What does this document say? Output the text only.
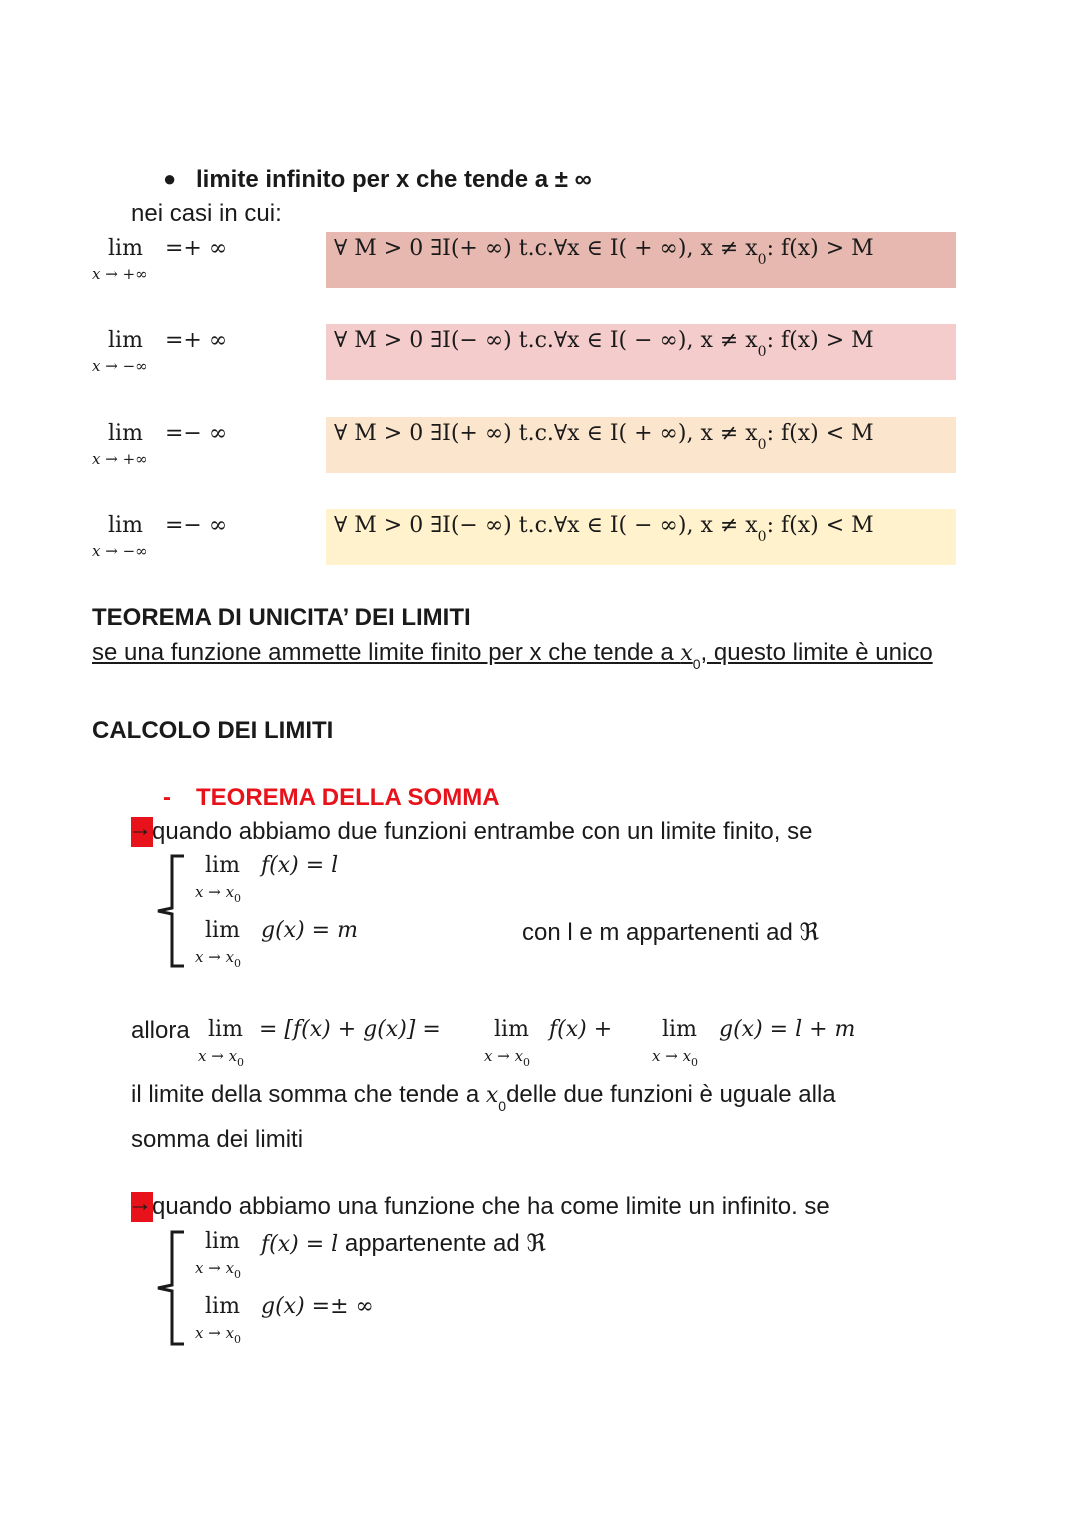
● limite infinito per x che tende a ± ∞
nei casi in cui:
lim
x → +∞
=+ ∞	∀ M > 0 ∃I(+ ∞) t.c.∀x ∈ I( + ∞), $x \ne x_0$: f(x) > M
lim
x → −∞
=+ ∞	∀ M > 0 ∃I(− ∞) t.c.∀x ∈ I( − ∞), $x \ne x_0$: f(x) > M
lim
x → +∞
=− ∞	∀ M > 0 ∃I(+ ∞) t.c.∀x ∈ I( + ∞), $x \ne x_0$: f(x) < M
lim
x → −∞
=− ∞	∀ M > 0 ∃I(− ∞) t.c.∀x ∈ I( − ∞), $x \ne x_0$: f(x) < M
TEOREMA DI UNICITA’ DEI LIMITI
se una funzione ammette limite finito per x che tende a $x_0$, questo limite è unico
CALCOLO DEI LIMITI
- TEOREMA DELLA SOMMA
→ quando abbiamo due funzioni entrambe con un limite finito, se
lim
$x \to x_0$
f(x) = l
lim
$x \to x_0$
g(x) = m	con l e m appartenenti ad ℜ
allora lim
$x \to x_0$
= [f(x) + g(x)] = lim
$x \to x_0$
f(x) + lim
$x \to x_0$
g(x) = l + m
il limite della somma che tende a $x_0delle$ due funzioni è uguale alla
somma dei limiti
→ quando abbiamo una funzione che ha come limite un infinito. se
lim
$x \to x_0$
f(x) = l appartenente ad ℜ
lim
$x \to x_0$
g(x) =± ∞
